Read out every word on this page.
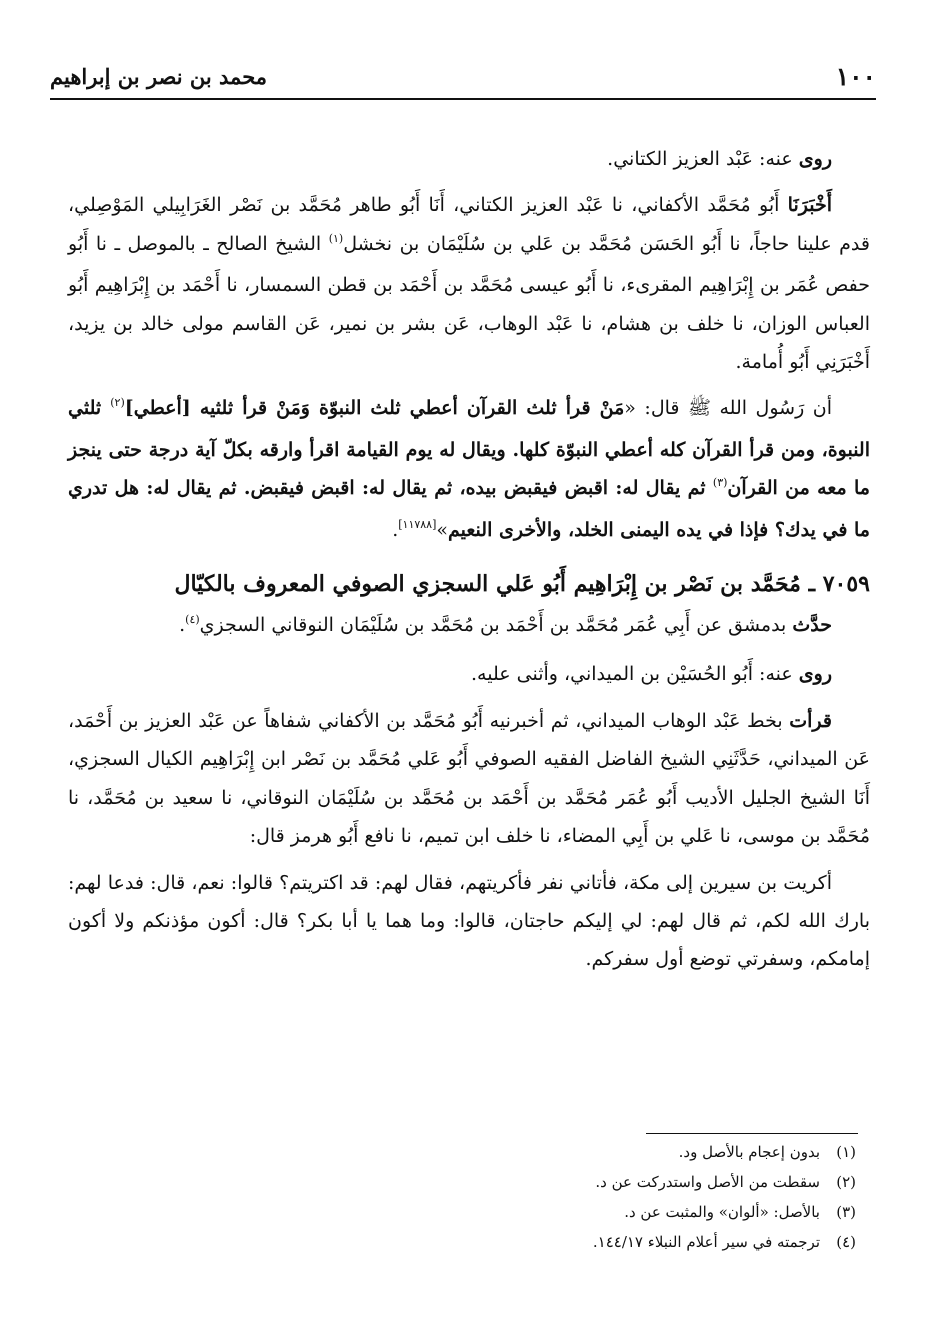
١٠٠
محمد بن نصر بن إبراهيم

روى عنه: عَبْد العزيز الكتاني.

أَخْبَرَنَا أَبُو مُحَمَّد الأكفاني، نا عَبْد العزيز الكتاني، أَنَا أَبُو طاهر مُحَمَّد بن نَصْر الغَرَابِيلي المَوْصِلي، قدم علينا حاجاً، نا أَبُو الحَسَن مُحَمَّد بن عَلي بن سُلَيْمَان بن نخشل$^{(١)}$ الشيخ الصالح ـ بالموصل ـ نا أَبُو حفص عُمَر بن إِبْرَاهِيم المقرىء، نا أَبُو عيسى مُحَمَّد بن أَحْمَد بن قطن السمسار، نا أَحْمَد بن إِبْرَاهِيم أَبُو العباس الوزان، نا خلف بن هشام، نا عَبْد الوهاب، عَن بشر بن نمير، عَن القاسم مولى خالد بن يزيد، أَخْبَرَنِي أَبُو أُمامة.

أن رَسُول الله ﷺ قال: «مَنْ قرأ ثلث القرآن أعطي ثلث النبوّة وَمَنْ قرأ ثلثيه [أعطي]$^{(٢)}$ ثلثي النبوة، ومن قرأ القرآن كله أعطي النبوّة كلها. ويقال له يوم القيامة اقرأ وارقه بكلّ آية درجة حتى ينجز ما معه من القرآن$^{(٣)}$ ثم يقال له: اقبض فيقبض بيده، ثم يقال له: اقبض فيقبض. ثم يقال له: هل تدري ما في يدك؟ فإذا في يده اليمنى الخلد، والأخرى النعيم»[١١٧٨٨].

٧٠٥٩ ـ مُحَمَّد بن نَصْر بن إِبْرَاهِيم أَبُو عَلي السجزي الصوفي المعروف بالكيّال

حدَّث بدمشق عن أَبِي عُمَر مُحَمَّد بن أَحْمَد بن مُحَمَّد بن سُلَيْمَان النوقاني السجزي$^{(٤)}$.

روى عنه: أَبُو الحُسَيْن بن الميداني، وأثنى عليه.

قرأت بخط عَبْد الوهاب الميداني، ثم أخبرنيه أَبُو مُحَمَّد بن الأكفاني شفاهاً عن عَبْد العزيز بن أَحْمَد، عَن الميداني، حَدَّثَنِي الشيخ الفاضل الفقيه الصوفي أَبُو عَلي مُحَمَّد بن نَصْر ابن إِبْرَاهِيم الكيال السجزي، أَنَا الشيخ الجليل الأديب أَبُو عُمَر مُحَمَّد بن أَحْمَد بن مُحَمَّد بن سُلَيْمَان النوقاني، نا سعيد بن مُحَمَّد، نا مُحَمَّد بن موسى، نا عَلي بن أَبِي المضاء، نا خلف ابن تميم، نا نافع أَبُو هرمز قال:

أكريت بن سيرين إلى مكة، فأتاني نفر فأكريتهم، فقال لهم: قد اكتريتم؟ قالوا: نعم، قال: فدعا لهم: بارك الله لكم، ثم قال لهم: لي إليكم حاجتان، قالوا: وما هما يا أبا بكر؟ قال: أكون مؤذنكم ولا أكون إمامكم، وسفرتي توضع أول سفركم.

(١)
بدون إعجام بالأصل ود.
(٢)
سقطت من الأصل واستدركت عن د.
(٣)
بالأصل: «ألوان» والمثبت عن د.
(٤)
ترجمته في سير أعلام النبلاء ١٤٤/١٧.
